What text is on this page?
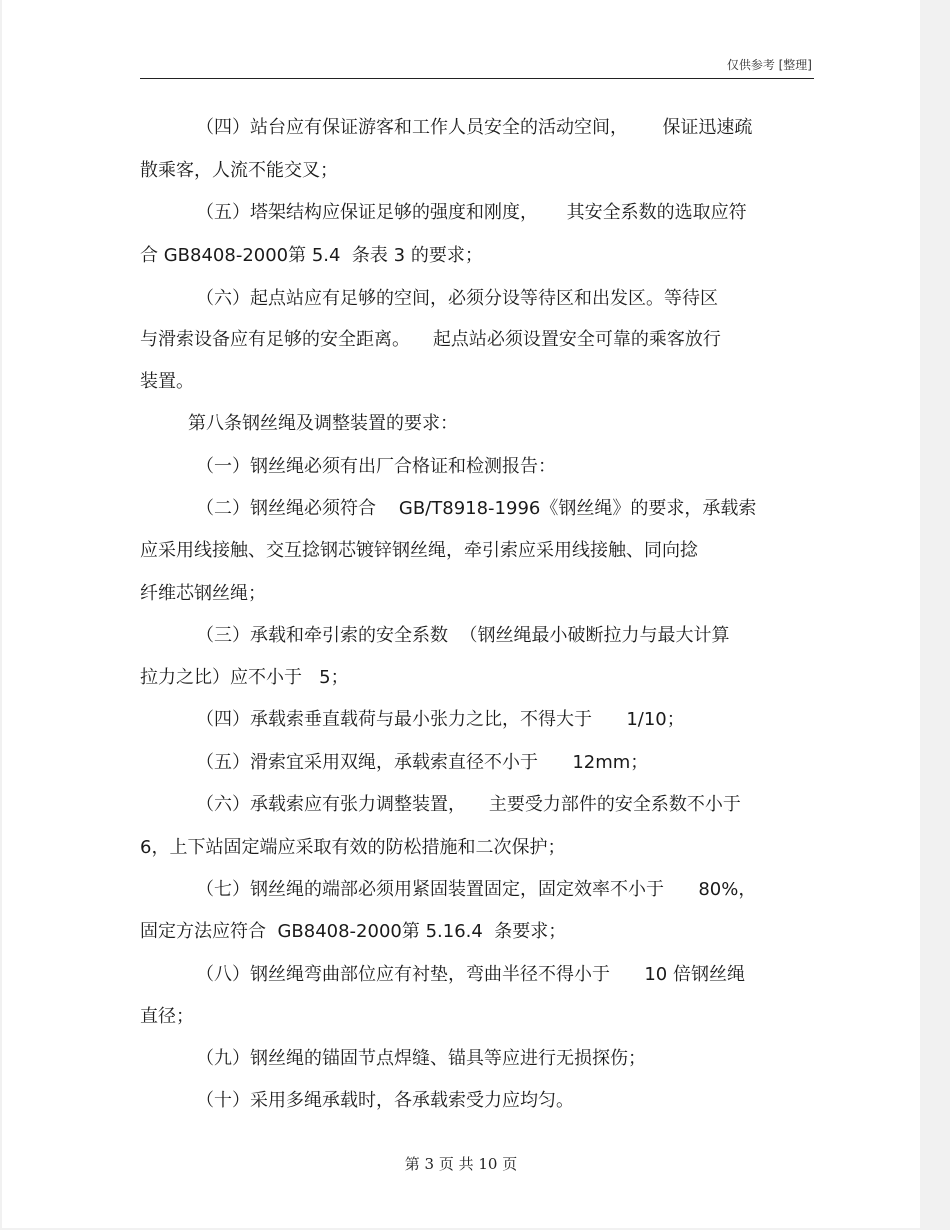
仅供参考 [整理]
（四）站台应有保证游客和工作人员安全的活动空间，      保证迅速疏
散乘客，人流不能交叉；
（五）塔架结构应保证足够的强度和刚度，     其安全系数的选取应符
合 GB8408-2000第 5.4  条表 3 的要求；
（六）起点站应有足够的空间，必须分设等待区和出发区。等待区
与滑索设备应有足够的安全距离。    起点站必须设置安全可靠的乘客放行
装置。
第八条钢丝绳及调整装置的要求：
（一）钢丝绳必须有出厂合格证和检测报告：
（二）钢丝绳必须符合    GB/T8918-1996《钢丝绳》的要求，承载索
应采用线接触、交互捻钢芯镀锌钢丝绳，牵引索应采用线接触、同向捻
纤维芯钢丝绳；
（三）承载和牵引索的安全系数  （钢丝绳最小破断拉力与最大计算
拉力之比）应不小于   5；
（四）承载索垂直载荷与最小张力之比，不得大于      1/10；
（五）滑索宜采用双绳，承载索直径不小于      12mm；
（六）承载索应有张力调整装置，    主要受力部件的安全系数不小于
6，上下站固定端应采取有效的防松措施和二次保护；
（七）钢丝绳的端部必须用紧固装置固定，固定效率不小于      80%，
固定方法应符合  GB8408-2000第 5.16.4  条要求；
（八）钢丝绳弯曲部位应有衬垫，弯曲半径不得小于      10 倍钢丝绳
直径；
（九）钢丝绳的锚固节点焊缝、锚具等应进行无损探伤；
（十）采用多绳承载时，各承载索受力应均匀。
第 3 页 共 10 页
